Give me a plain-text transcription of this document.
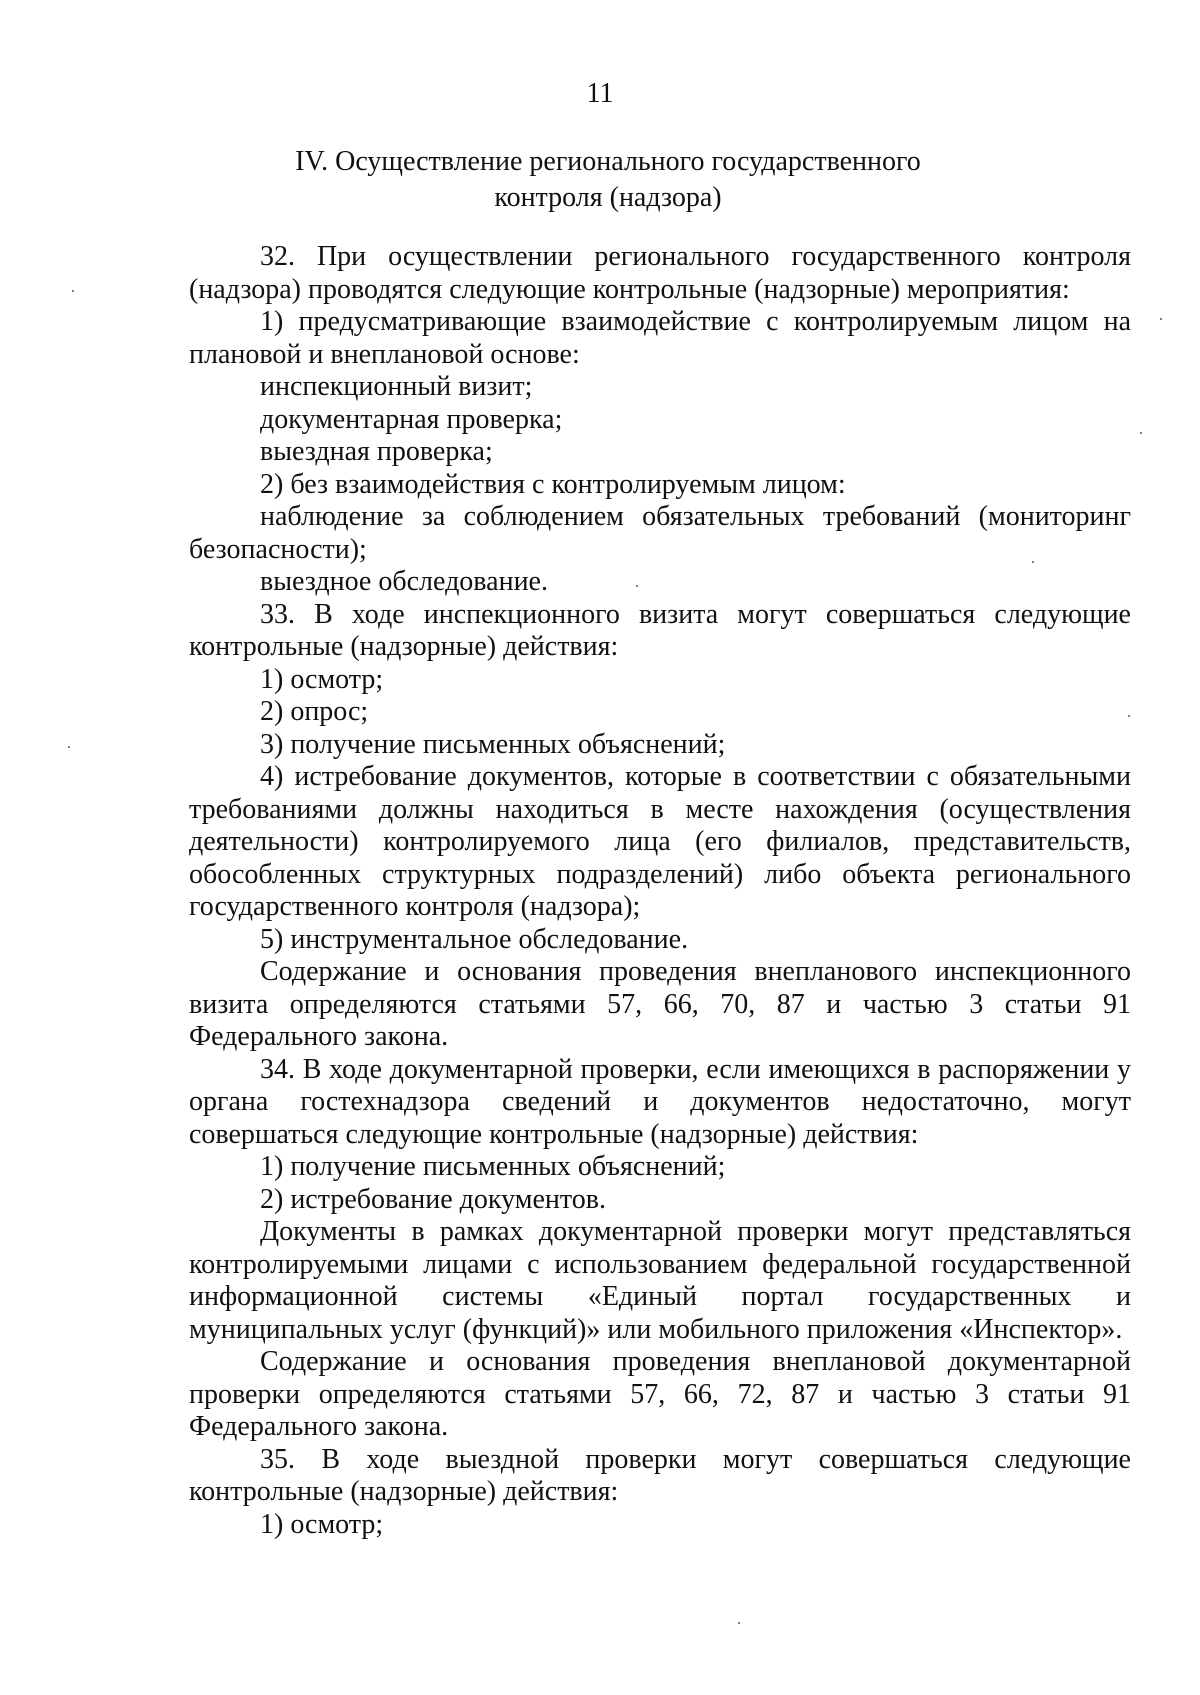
11
IV. Осуществление регионального государственного
контроля (надзора)
32. При осуществлении регионального государственного контроля (надзора) проводятся следующие контрольные (надзорные) мероприятия:
1) предусматривающие взаимодействие с контролируемым лицом на плановой и внеплановой основе:
инспекционный визит;
документарная проверка;
выездная проверка;
2) без взаимодействия с контролируемым лицом:
наблюдение за соблюдением обязательных требований (мониторинг безопасности);
выездное обследование.
33. В ходе инспекционного визита могут совершаться следующие контрольные (надзорные) действия:
1) осмотр;
2) опрос;
3) получение письменных объяснений;
4) истребование документов, которые в соответствии с обязательными требованиями должны находиться в месте нахождения (осуществления деятельности) контролируемого лица (его филиалов, представительств, обособленных структурных подразделений) либо объекта регионального государственного контроля (надзора);
5) инструментальное обследование.
Содержание и основания проведения внепланового инспекционного визита определяются статьями 57, 66, 70, 87 и частью 3 статьи 91 Федерального закона.
34. В ходе документарной проверки, если имеющихся в распоряжении у органа гостехнадзора сведений и документов недостаточно, могут совершаться следующие контрольные (надзорные) действия:
1) получение письменных объяснений;
2) истребование документов.
Документы в рамках документарной проверки могут представляться контролируемыми лицами с использованием федеральной государственной информационной системы «Единый портал государственных и муниципальных услуг (функций)» или мобильного приложения «Инспектор».
Содержание и основания проведения внеплановой документарной проверки определяются статьями 57, 66, 72, 87 и частью 3 статьи 91 Федерального закона.
35. В ходе выездной проверки могут совершаться следующие контрольные (надзорные) действия:
1) осмотр;
